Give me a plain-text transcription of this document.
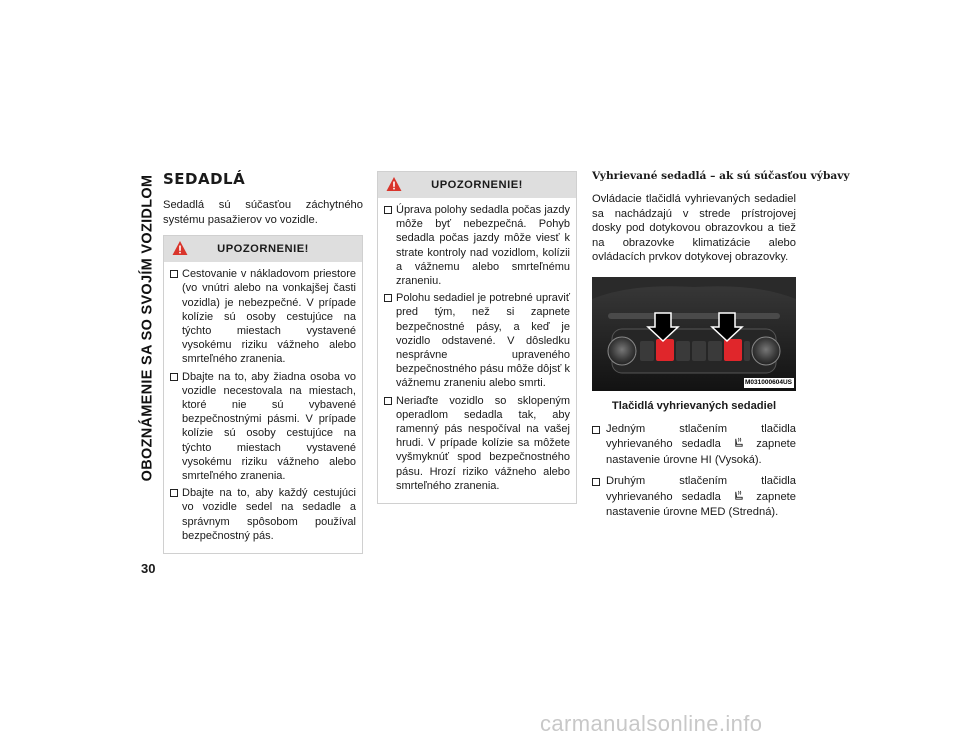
OBOZNÁMENIE SA SO SVOJÍM VOZIDLOM
30
SEDADLÁ

Sedadlá sú súčasťou záchytného systému pasažierov vo vozidle.

UPOZORNENIE!
Cestovanie v nákladovom priestore (vo vnútri alebo na vonkajšej časti vozidla) je nebezpečné. V prípade kolízie sú osoby cestujúce na týchto miestach vystavené vysokému riziku vážneho alebo smrteľného zranenia.
Dbajte na to, aby žiadna osoba vo vozidle necestovala na miestach, ktoré nie sú vybavené bezpečnostnými pásmi. V prípade kolízie sú osoby cestujúce na týchto miestach vystavené vysokému riziku vážneho alebo smrteľného zranenia.
Dbajte na to, aby každý cestujúci vo vozidle sedel na sedadle a správnym spôsobom používal bezpečnostný pás.
UPOZORNENIE!
Úprava polohy sedadla počas jazdy môže byť nebezpečná. Pohyb sedadla počas jazdy môže viesť k strate kontroly nad vozidlom, kolízii a vážnemu alebo smrteľnému zraneniu.
Polohu sedadiel je potrebné upraviť pred tým, než si zapnete bezpečnostné pásy, a keď je vozidlo odstavené. V dôsledku nesprávne upraveného bezpečnostného pásu môže dôjsť k vážnemu zraneniu alebo smrti.
Neriaďte vozidlo so sklopeným operadlom sedadla tak, aby ramenný pás nespočíval na vašej hrudi. V prípade kolízie sa môžete vyšmyknúť spod bezpečnostného pásu. Hrozí riziko vážneho alebo smrteľného zranenia.
Vyhrievané sedadlá – ak sú súčasťou výbavy

Ovládacie tlačidlá vyhrievaných sedadiel sa nachádzajú v strede prístrojovej dosky pod dotykovou obrazovkou a tiež na obrazovke klimatizácie alebo ovládacích prvkov dotykovej obrazovky.

M031000604US
Tlačidlá vyhrievaných sedadiel
Jedným stlačením tlačidla vyhrievaného sedadla	zapnete nastavenie úrovne HI (Vysoká).
Druhým stlačením tlačidla vyhrievaného sedadla	zapnete nastavenie úrovne MED (Stredná).
carmanualsonline.info
